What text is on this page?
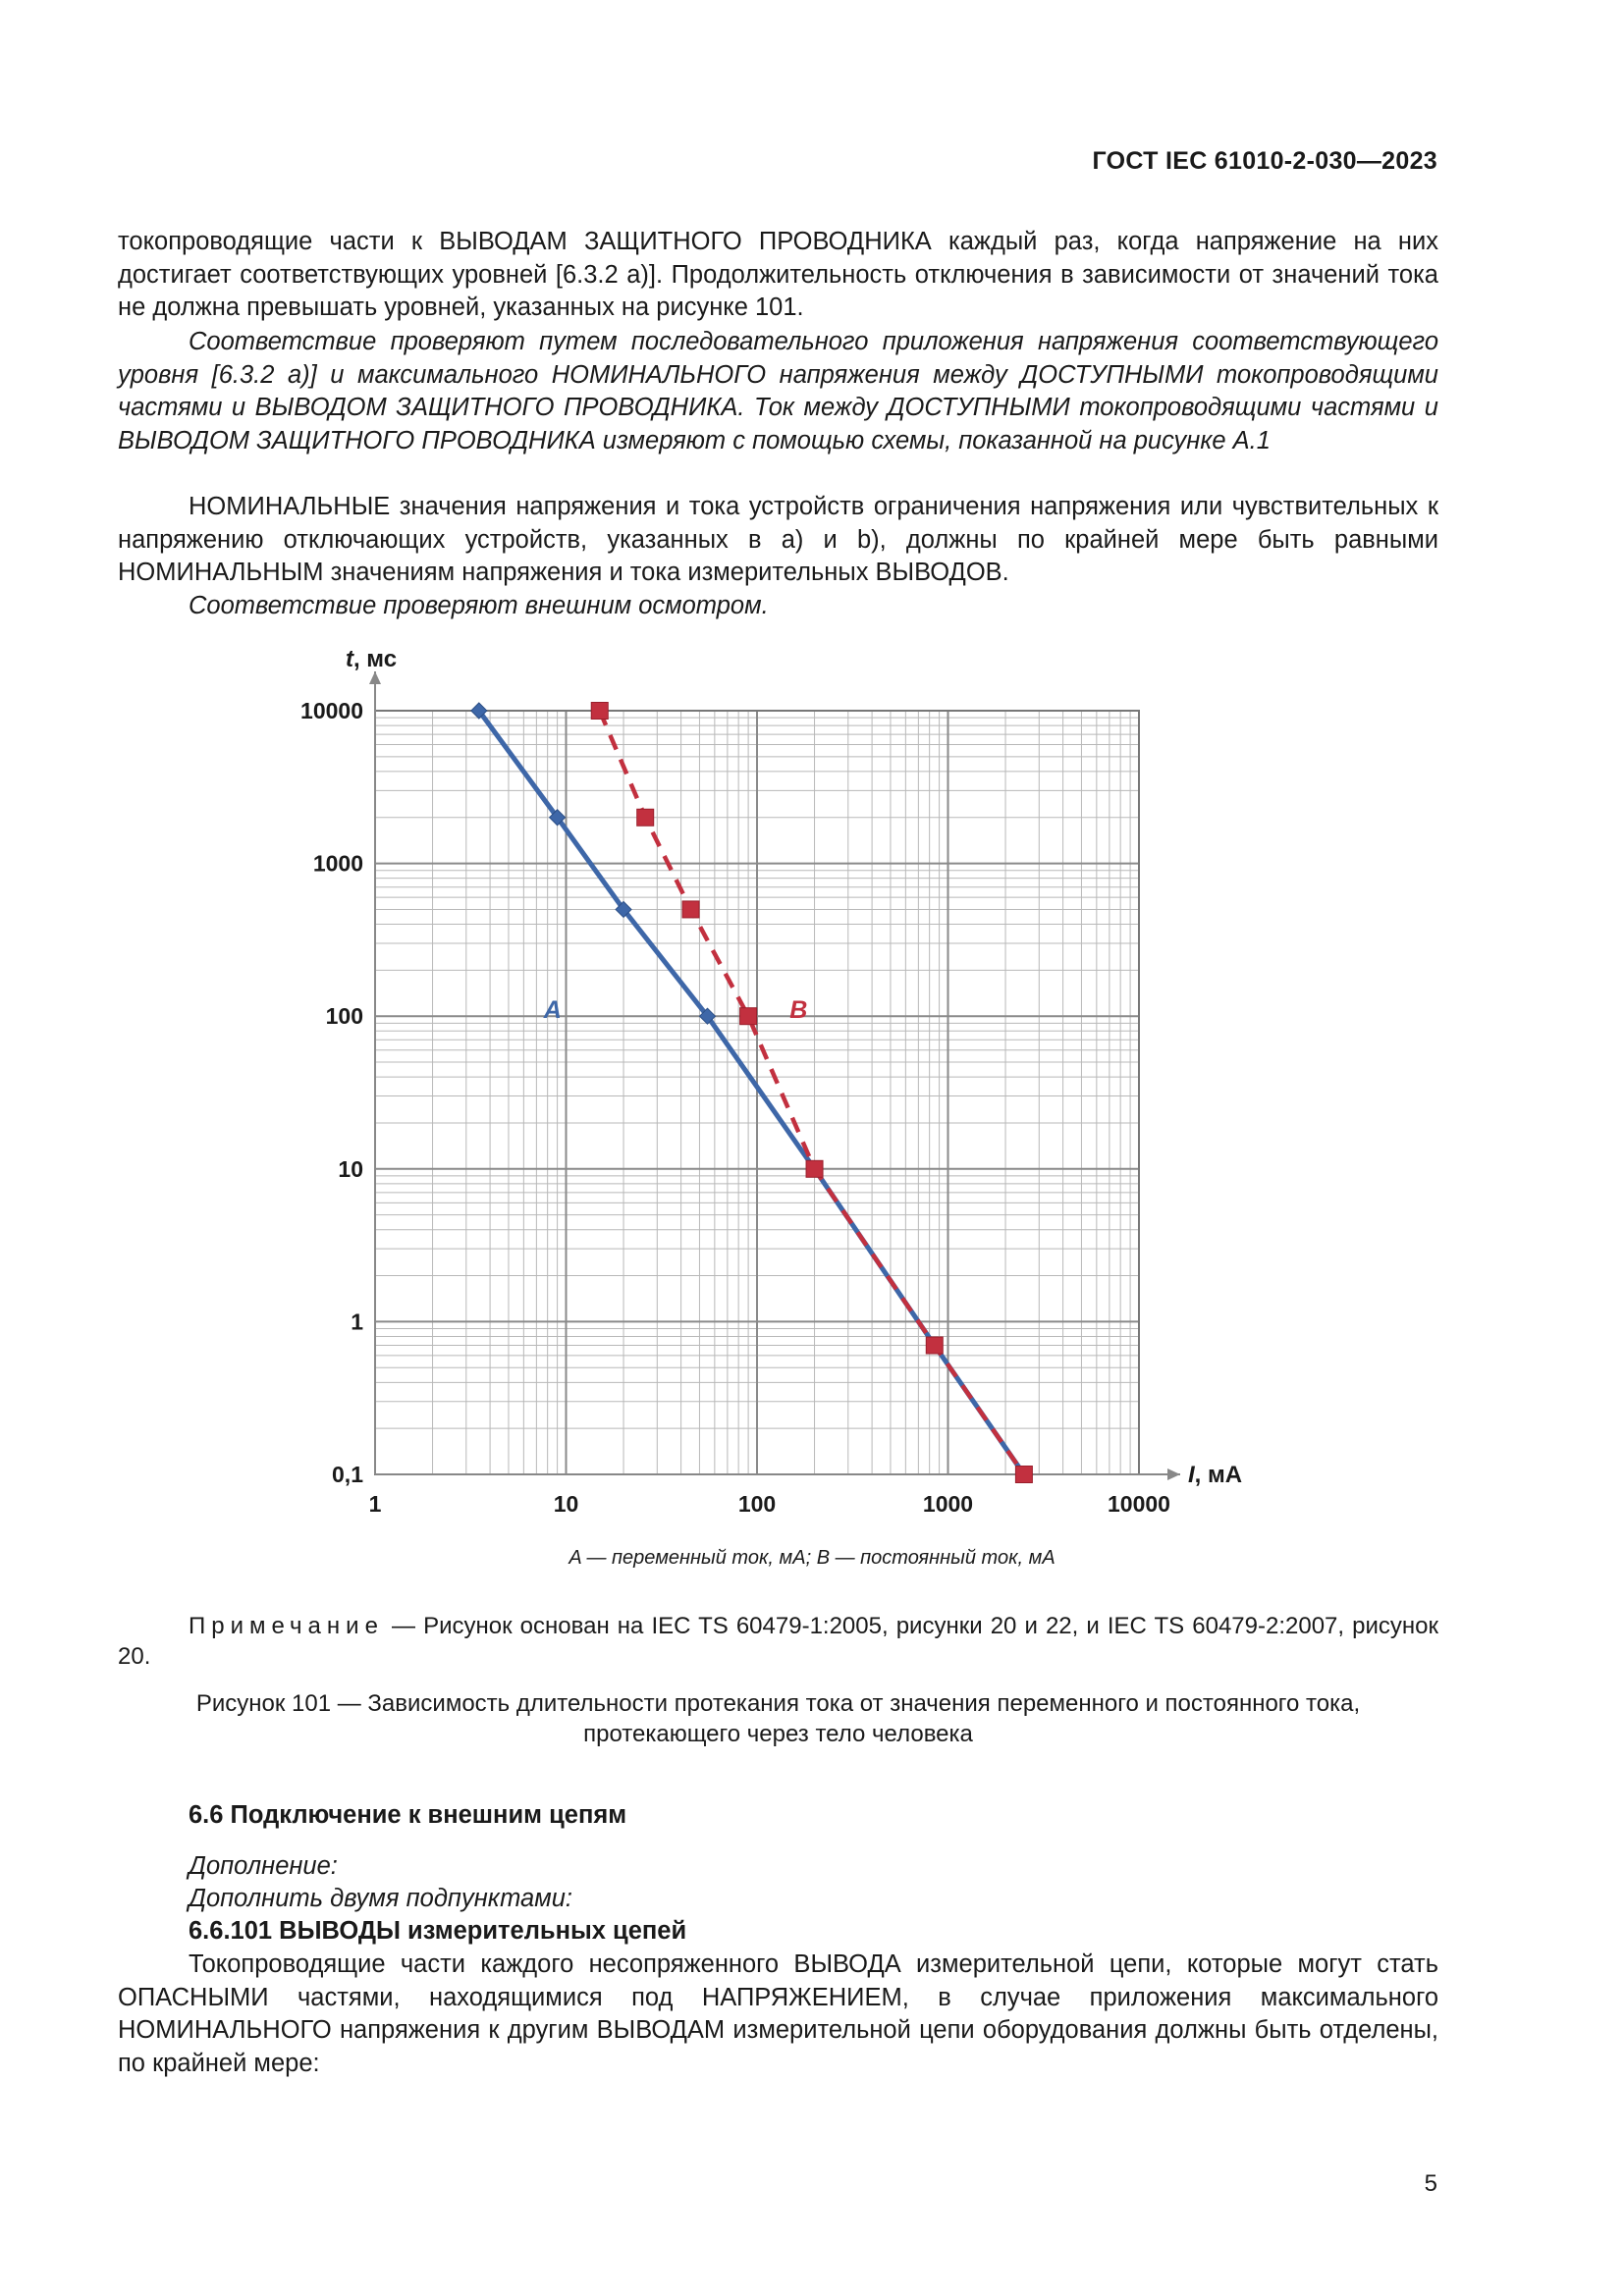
ГОСТ IEC 61010-2-030—2023

токопроводящие части к ВЫВОДАМ ЗАЩИТНОГО ПРОВОДНИКА каждый раз, когда напряжение на них достигает соответствующих уровней [6.3.2 а)]. Продолжительность отключения в зависимости от значений тока не должна превышать уровней, указанных на рисунке 101.

Соответствие проверяют путем последовательного приложения напряжения соответствующего уровня [6.3.2 а)] и максимального НОМИНАЛЬНОГО напряжения между ДОСТУПНЫМИ токопроводящими частями и ВЫВОДОМ ЗАЩИТНОГО ПРОВОДНИКА. Ток между ДОСТУПНЫМИ токопроводящими частями и ВЫВОДОМ ЗАЩИТНОГО ПРОВОДНИКА измеряют с помощью схемы, показанной на рисунке А.1

НОМИНАЛЬНЫЕ значения напряжения и тока устройств ограничения напряжения или чувствительных к напряжению отключающих устройств, указанных в а) и b), должны по крайней мере быть равными НОМИНАЛЬНЫМ значениям напряжения и тока измерительных ВЫВОДОВ.

Соответствие проверяют внешним осмотром.

1	10	100	1000	10000
0,1
1
10
100
1000
10000
t, мс
I, мА
A	B
A — переменный ток, мА; B — постоянный ток, мА
Примечание — Рисунок основан на IEC TS 60479-1:2005, рисунки 20 и 22, и IEC TS 60479-2:2007, рисунок 20.
Рисунок 101 — Зависимость длительности протекания тока от значения переменного и постоянного тока, протекающего через тело человека
6.6 Подключение к внешним цепям

Дополнение:

Дополнить двумя подпунктами:

6.6.101 ВЫВОДЫ измерительных цепей

Токопроводящие части каждого несопряженного ВЫВОДА измерительной цепи, которые могут стать ОПАСНЫМИ частями, находящимися под НАПРЯЖЕНИЕМ, в случае приложения максимального НОМИНАЛЬНОГО напряжения к другим ВЫВОДАМ измерительной цепи оборудования должны быть отделены, по крайней мере:

5
